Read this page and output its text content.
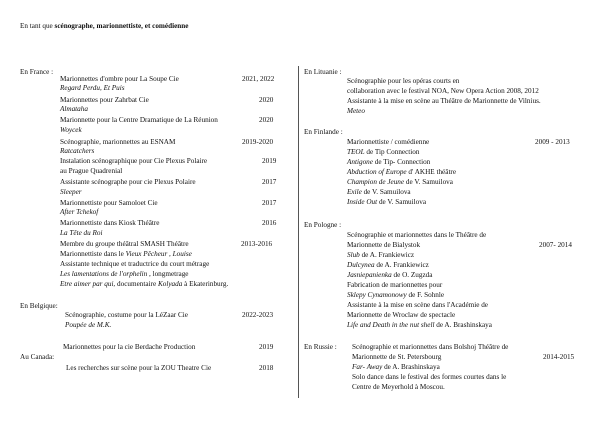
En tant que scénographe, marionnettiste, et comédienne
En France :
Marionnettes d'ombre pour La Soupe Cie	2021, 2022
Regard Perdu, Et Puis
Marionnettes pour Zahrbat Cie	2020
Almataha
Marionnette pour la Centre Dramatique de La Réunion	2020
Woycek
Scénographie, marionnettes au ESNAM	2019-2020
Ratcatchers
Instalation scénographique pour Cie Plexus Polaire	2019
au Prague Quadrenial
Assistante scénographe pour cie Plexus Polaire	2017
Sleeper
Marionnettiste pour Samoloet Cie	2017
After Tchekof
Marionnettiste dans Kiosk Théâtre	2016
La Tête du Roi
Membre du groupe théâtral SMASH Théâtre	2013-2016
Marionnettiste dans le Vieux Pêcheur , Louise
Assistante technique et traductrice du court métrage
Les lamentations de l'orphelin , longmetrage
Etre aimer par qui, documentaire Kolyada à Ekaterinburg.
En Belgique:
Scénographie, costume pour la LéZaar Cie	2022-2023
Poupée de M.K.
Marionnettes pour la cie Berdache Production	2019
Au Canada:
Les recherches sur scène pour la ZOU Theatre Cie	2018
En Lituanie :
Scénographie pour les opéras courts en
collaboration avec le festival NOA, New Opera Action 2008, 2012
Assistante à la mise en scène au Théâtre de Marionnette de Vilnius.
Meteo
En Finlande :
Marionnettiste / comédienne	2009 - 2013
TEOL de Tip Connection
Antigone de Tip- Connection
Abduction of Europe d' AKHE théâtre
Champion de Jeune de V. Samuilova
Exile de V. Samuilova
Inside Out de V. Samuilova
En Pologne :
Scénographie et marionnettes dans le Théâtre de
Marionnette de Bialystok	2007- 2014
Slub de A. Frankiewicz
Dulcynea de A. Frankiewicz
Jasniepanienka de O. Zugzda
Fabrication de marionnettes pour
Sklepy Cynamonowy de F. Sohnle
Assistante à la mise en scène dans l'Académie de
Marionnette de Wroclaw de spectacle
Life and Death in the nut shell de A. Brashinskaya
En Russie : Scénographie et marionnettes dans Bolshoj Théâtre de
Marionnette de St. Petersbourg	2014-2015
Far- Away de A. Brashinskaya
Solo dance dans le festival des formes courtes dans le
Centre de Meyerhold à Moscou.
